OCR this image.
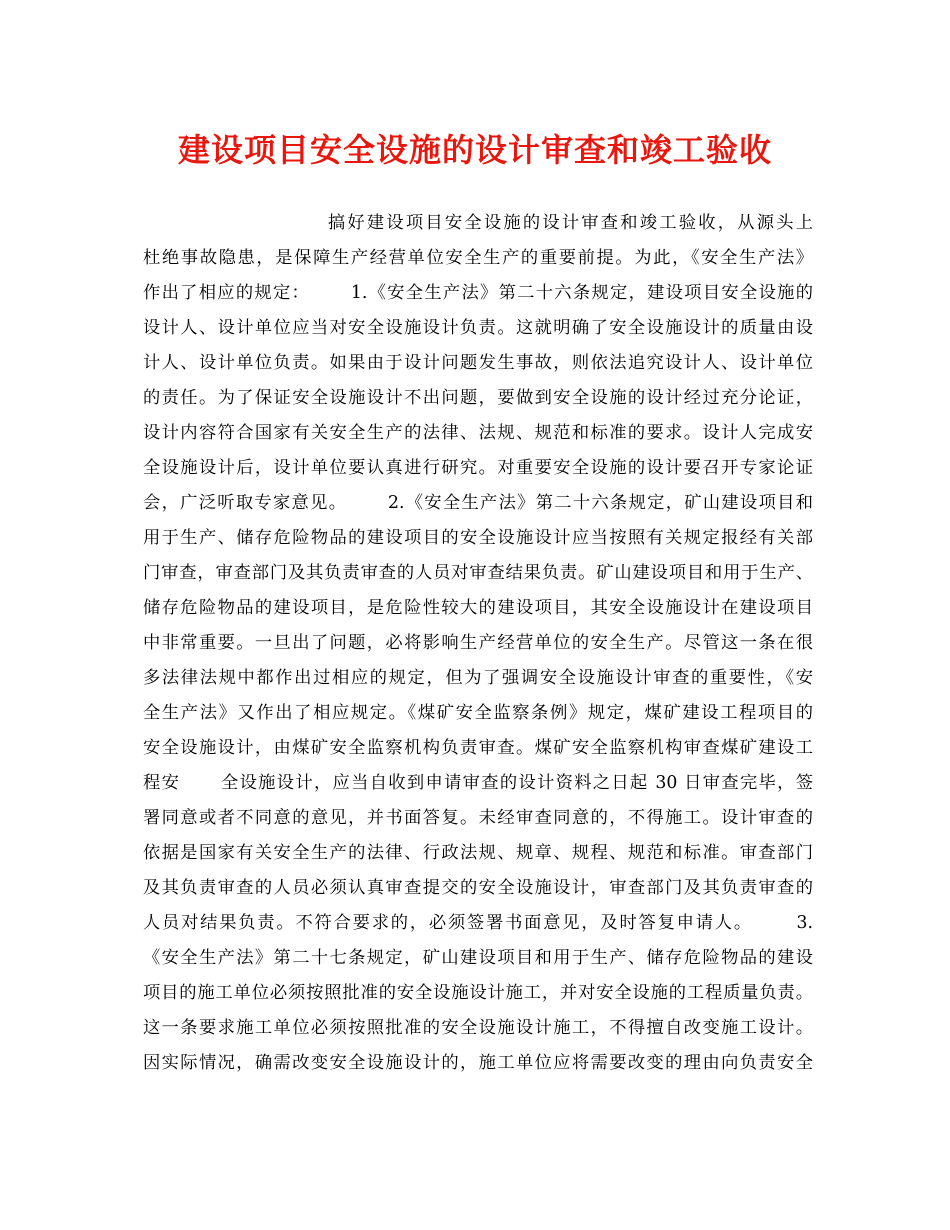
建设项目安全设施的设计审查和竣工验收
搞好建设项目安全设施的设计审查和竣工验收，从源头上
杜绝事故隐患，是保障生产经营单位安全生产的重要前提。为此，《安全生产法》
作出了相应的规定：      1.《安全生产法》第二十六条规定，建设项目安全设施的
设计人、设计单位应当对安全设施设计负责。这就明确了安全设施设计的质量由设
计人、设计单位负责。如果由于设计问题发生事故，则依法追究设计人、设计单位
的责任。为了保证安全设施设计不出问题，要做到安全设施的设计经过充分论证，
设计内容符合国家有关安全生产的法律、法规、规范和标准的要求。设计人完成安
全设施设计后，设计单位要认真进行研究。对重要安全设施的设计要召开专家论证
会，广泛听取专家意见。      2.《安全生产法》第二十六条规定，矿山建设项目和
用于生产、储存危险物品的建设项目的安全设施设计应当按照有关规定报经有关部
门审查，审查部门及其负责审查的人员对审查结果负责。矿山建设项目和用于生产、
储存危险物品的建设项目，是危险性较大的建设项目，其安全设施设计在建设项目
中非常重要。一旦出了问题，必将影响生产经营单位的安全生产。尽管这一条在很
多法律法规中都作出过相应的规定，但为了强调安全设施设计审查的重要性，《安
全生产法》又作出了相应规定。《煤矿安全监察条例》规定，煤矿建设工程项目的
安全设施设计，由煤矿安全监察机构负责审查。煤矿安全监察机构审查煤矿建设工
程安      全设施设计，应当自收到申请审查的设计资料之日起 30 日审查完毕，签
署同意或者不同意的意见，并书面答复。未经审查同意的，不得施工。设计审查的
依据是国家有关安全生产的法律、行政法规、规章、规程、规范和标准。审查部门
及其负责审查的人员必须认真审查提交的安全设施设计，审查部门及其负责审查的
人员对结果负责。不符合要求的，必须签署书面意见，及时答复申请人。      3.
《安全生产法》第二十七条规定，矿山建设项目和用于生产、储存危险物品的建设
项目的施工单位必须按照批准的安全设施设计施工，并对安全设施的工程质量负责。
这一条要求施工单位必须按照批准的安全设施设计施工，不得擅自改变施工设计。
因实际情况，确需改变安全设施设计的，施工单位应将需要改变的理由向负责安全
